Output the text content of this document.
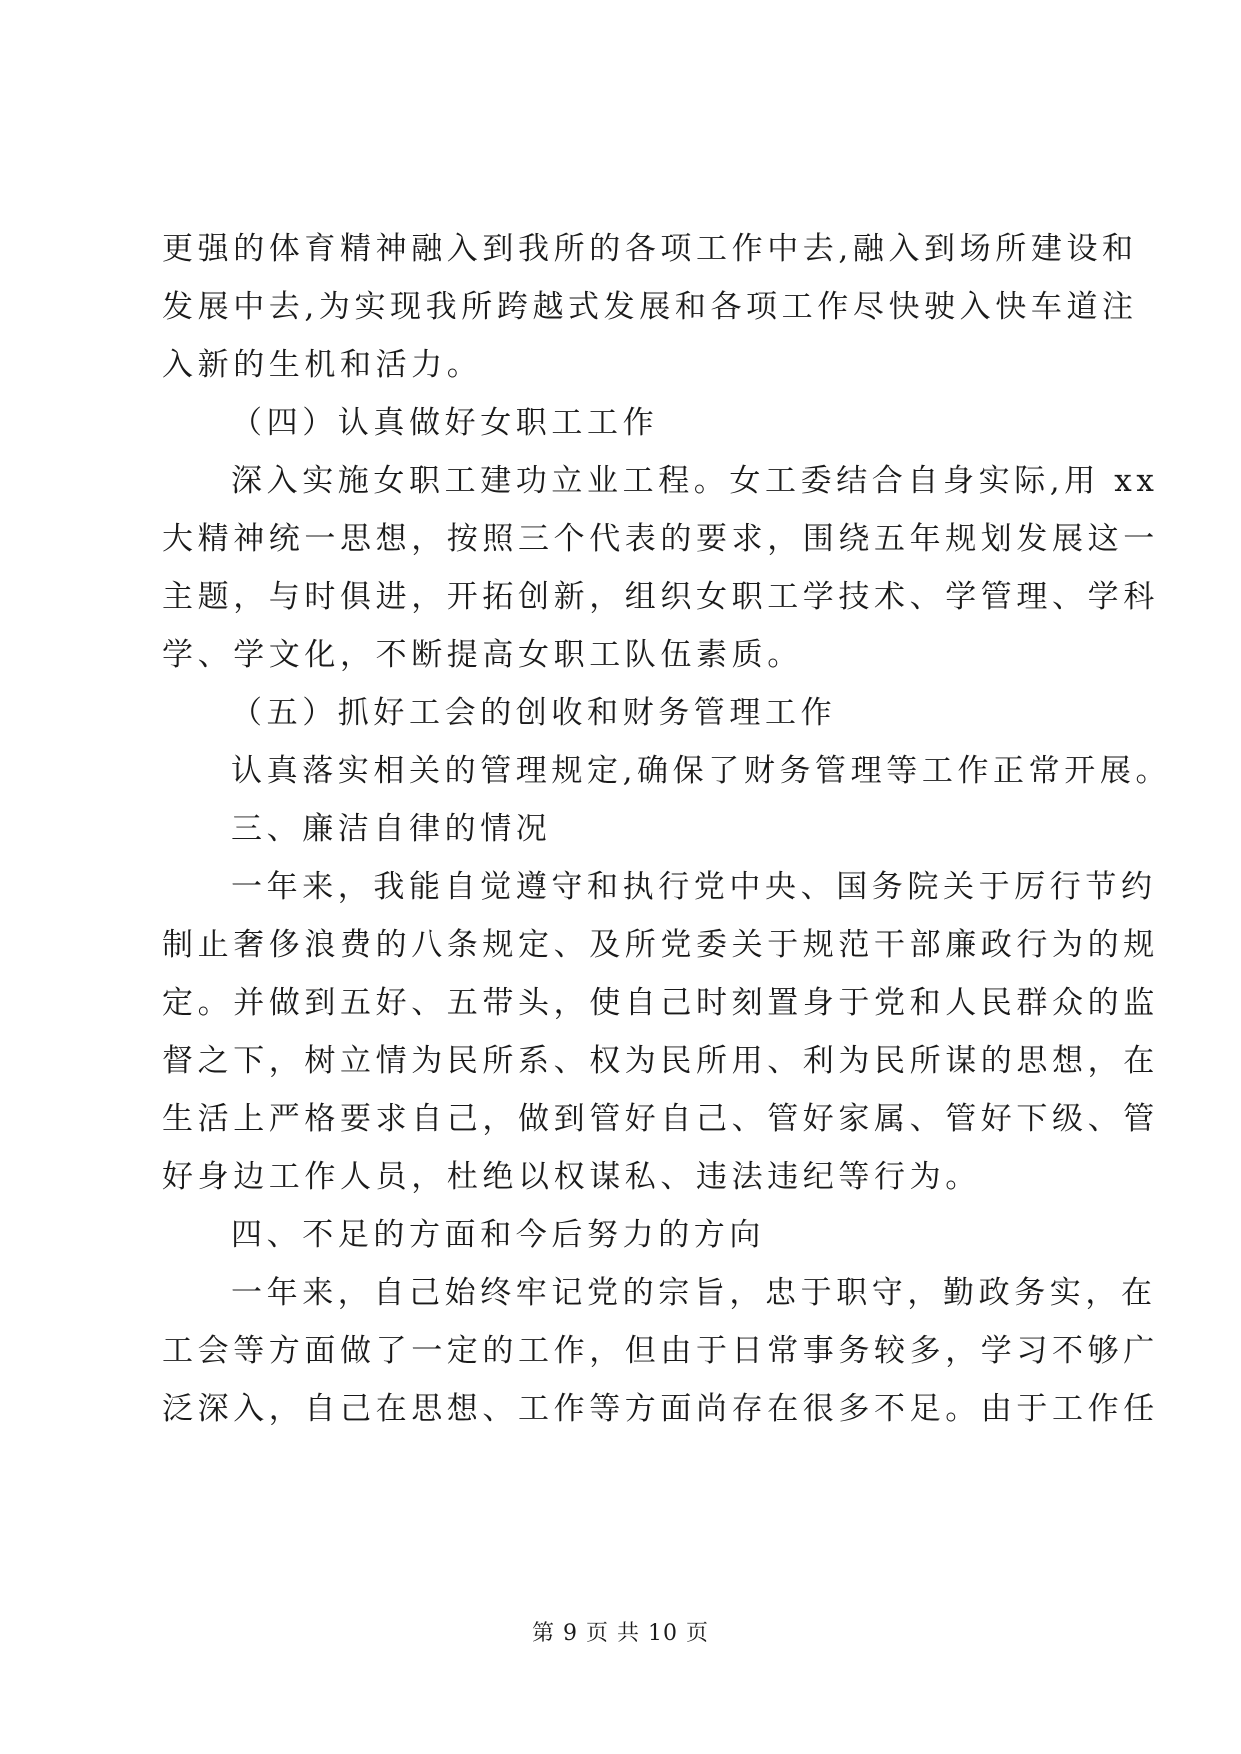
更强的体育精神融入到我所的各项工作中去,融入到场所建设和
发展中去,为实现我所跨越式发展和各项工作尽快驶入快车道注
入新的生机和活力。
（四）认真做好女职工工作
深入实施女职工建功立业工程。女工委结合自身实际,用 xx
大精神统一思想，按照三个代表的要求，围绕五年规划发展这一
主题，与时俱进，开拓创新，组织女职工学技术、学管理、学科
学、学文化，不断提高女职工队伍素质。
（五）抓好工会的创收和财务管理工作
认真落实相关的管理规定,确保了财务管理等工作正常开展。
三、廉洁自律的情况
一年来，我能自觉遵守和执行党中央、国务院关于厉行节约
制止奢侈浪费的八条规定、及所党委关于规范干部廉政行为的规
定。并做到五好、五带头，使自己时刻置身于党和人民群众的监
督之下，树立情为民所系、权为民所用、利为民所谋的思想，在
生活上严格要求自己，做到管好自己、管好家属、管好下级、管
好身边工作人员，杜绝以权谋私、违法违纪等行为。
四、不足的方面和今后努力的方向
一年来，自己始终牢记党的宗旨，忠于职守，勤政务实，在
工会等方面做了一定的工作，但由于日常事务较多，学习不够广
泛深入，自己在思想、工作等方面尚存在很多不足。由于工作任
第 9 页 共 10 页
